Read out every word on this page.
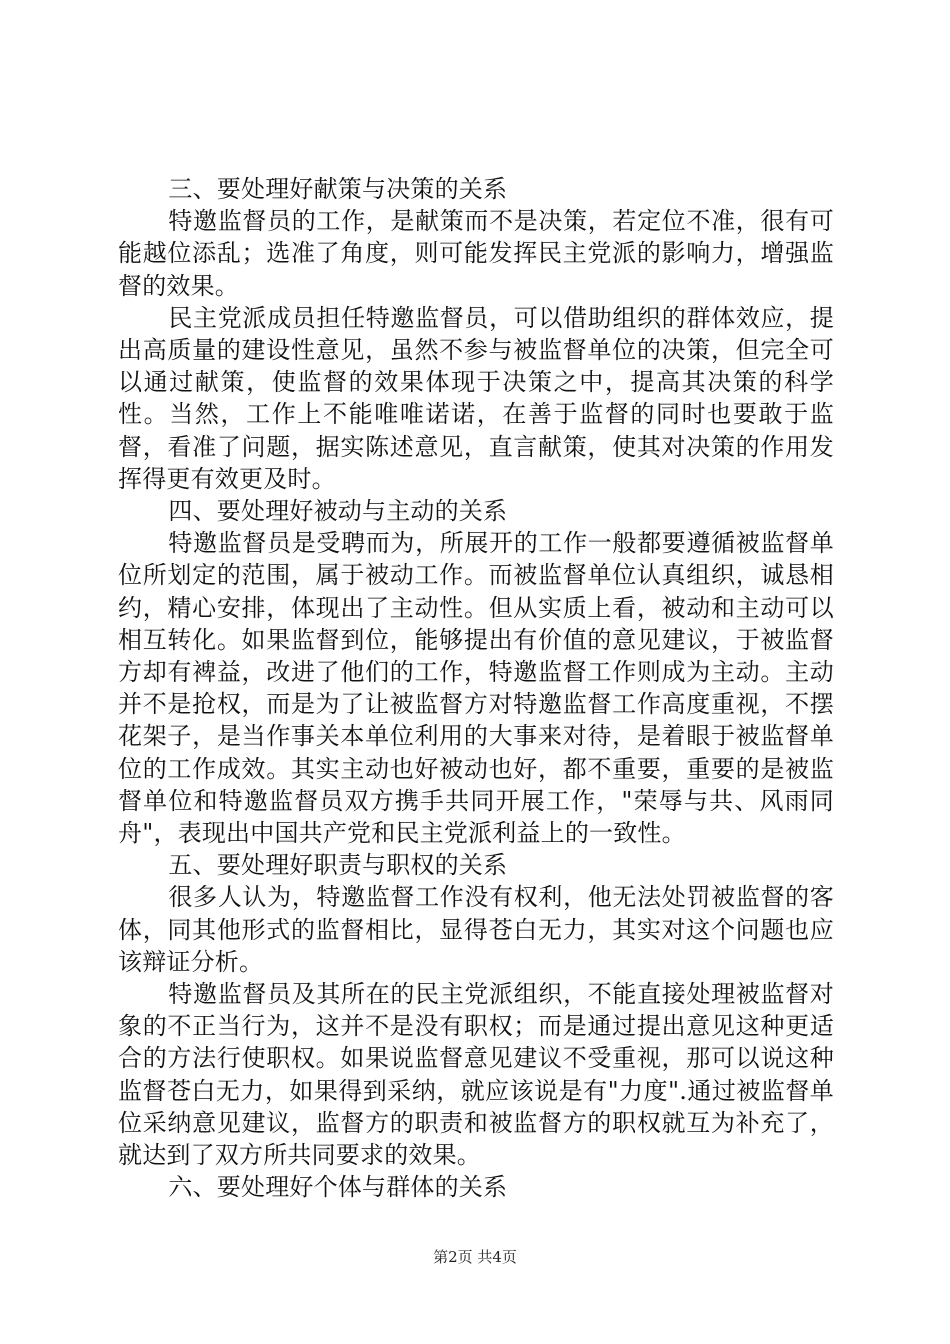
三、要处理好献策与决策的关系

特邀监督员的工作，是献策而不是决策，若定位不准，很有可能越位添乱；选准了角度，则可能发挥民主党派的影响力，增强监督的效果。

民主党派成员担任特邀监督员，可以借助组织的群体效应，提出高质量的建设性意见，虽然不参与被监督单位的决策，但完全可以通过献策，使监督的效果体现于决策之中，提高其决策的科学性。当然，工作上不能唯唯诺诺，在善于监督的同时也要敢于监督，看准了问题，据实陈述意见，直言献策，使其对决策的作用发挥得更有效更及时。

四、要处理好被动与主动的关系

特邀监督员是受聘而为，所展开的工作一般都要遵循被监督单位所划定的范围，属于被动工作。而被监督单位认真组织，诚恳相约，精心安排，体现出了主动性。但从实质上看，被动和主动可以相互转化。如果监督到位，能够提出有价值的意见建议，于被监督方却有裨益，改进了他们的工作，特邀监督工作则成为主动。主动并不是抢权，而是为了让被监督方对特邀监督工作高度重视，不摆花架子，是当作事关本单位利用的大事来对待，是着眼于被监督单位的工作成效。其实主动也好被动也好，都不重要，重要的是被监督单位和特邀监督员双方携手共同开展工作，"荣辱与共、风雨同舟"，表现出中国共产党和民主党派利益上的一致性。

五、要处理好职责与职权的关系

很多人认为，特邀监督工作没有权利，他无法处罚被监督的客体，同其他形式的监督相比，显得苍白无力，其实对这个问题也应该辩证分析。

特邀监督员及其所在的民主党派组织，不能直接处理被监督对象的不正当行为，这并不是没有职权；而是通过提出意见这种更适合的方法行使职权。如果说监督意见建议不受重视，那可以说这种监督苍白无力，如果得到采纳，就应该说是有"力度".通过被监督单位采纳意见建议，监督方的职责和被监督方的职权就互为补充了，就达到了双方所共同要求的效果。

六、要处理好个体与群体的关系

第2页 共4页
